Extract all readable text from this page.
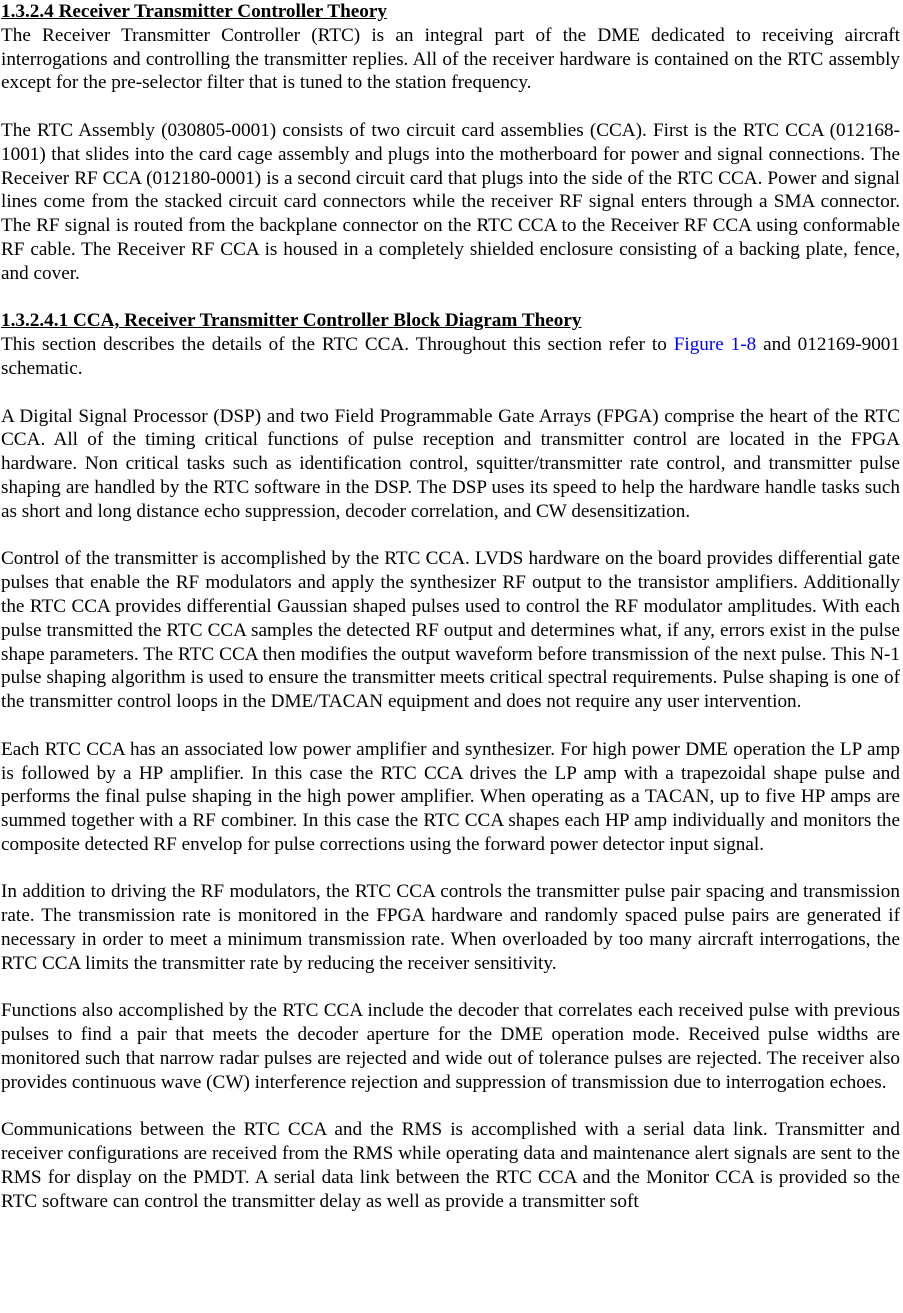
1.3.2.4 Receiver Transmitter Controller Theory

The Receiver Transmitter Controller (RTC) is an integral part of the DME dedicated to receiving aircraft interrogations and controlling the transmitter replies. All of the receiver hardware is contained on the RTC assembly except for the pre-selector filter that is tuned to the station frequency.

The RTC Assembly (030805-0001) consists of two circuit card assemblies (CCA). First is the RTC CCA (012168-1001) that slides into the card cage assembly and plugs into the motherboard for power and signal connections. The Receiver RF CCA (012180-0001) is a second circuit card that plugs into the side of the RTC CCA. Power and signal lines come from the stacked circuit card connectors while the receiver RF signal enters through a SMA connector. The RF signal is routed from the backplane connector on the RTC CCA to the Receiver RF CCA using conformable RF cable. The Receiver RF CCA is housed in a completely shielded enclosure consisting of a backing plate, fence, and cover.

1.3.2.4.1 CCA, Receiver Transmitter Controller Block Diagram Theory

This section describes the details of the RTC CCA. Throughout this section refer to Figure 1-8 and 012169-9001 schematic.

A Digital Signal Processor (DSP) and two Field Programmable Gate Arrays (FPGA) comprise the heart of the RTC CCA. All of the timing critical functions of pulse reception and transmitter control are located in the FPGA hardware. Non critical tasks such as identification control, squitter/transmitter rate control, and transmitter pulse shaping are handled by the RTC software in the DSP. The DSP uses its speed to help the hardware handle tasks such as short and long distance echo suppression, decoder correlation, and CW desensitization.

Control of the transmitter is accomplished by the RTC CCA. LVDS hardware on the board provides differential gate pulses that enable the RF modulators and apply the synthesizer RF output to the transistor amplifiers. Additionally the RTC CCA provides differential Gaussian shaped pulses used to control the RF modulator amplitudes. With each pulse transmitted the RTC CCA samples the detected RF output and determines what, if any, errors exist in the pulse shape parameters. The RTC CCA then modifies the output waveform before transmission of the next pulse. This N-1 pulse shaping algorithm is used to ensure the transmitter meets critical spectral requirements. Pulse shaping is one of the transmitter control loops in the DME/TACAN equipment and does not require any user intervention.

Each RTC CCA has an associated low power amplifier and synthesizer. For high power DME operation the LP amp is followed by a HP amplifier. In this case the RTC CCA drives the LP amp with a trapezoidal shape pulse and performs the final pulse shaping in the high power amplifier. When operating as a TACAN, up to five HP amps are summed together with a RF combiner. In this case the RTC CCA shapes each HP amp individually and monitors the composite detected RF envelop for pulse corrections using the forward power detector input signal.

In addition to driving the RF modulators, the RTC CCA controls the transmitter pulse pair spacing and transmission rate. The transmission rate is monitored in the FPGA hardware and randomly spaced pulse pairs are generated if necessary in order to meet a minimum transmission rate. When overloaded by too many aircraft interrogations, the RTC CCA limits the transmitter rate by reducing the receiver sensitivity.

Functions also accomplished by the RTC CCA include the decoder that correlates each received pulse with previous pulses to find a pair that meets the decoder aperture for the DME operation mode. Received pulse widths are monitored such that narrow radar pulses are rejected and wide out of tolerance pulses are rejected. The receiver also provides continuous wave (CW) interference rejection and suppression of transmission due to interrogation echoes.

Communications between the RTC CCA and the RMS is accomplished with a serial data link. Transmitter and receiver configurations are received from the RMS while operating data and maintenance alert signals are sent to the RMS for display on the PMDT. A serial data link between the RTC CCA and the Monitor CCA is provided so the RTC software can control the transmitter delay as well as provide a transmitter soft
